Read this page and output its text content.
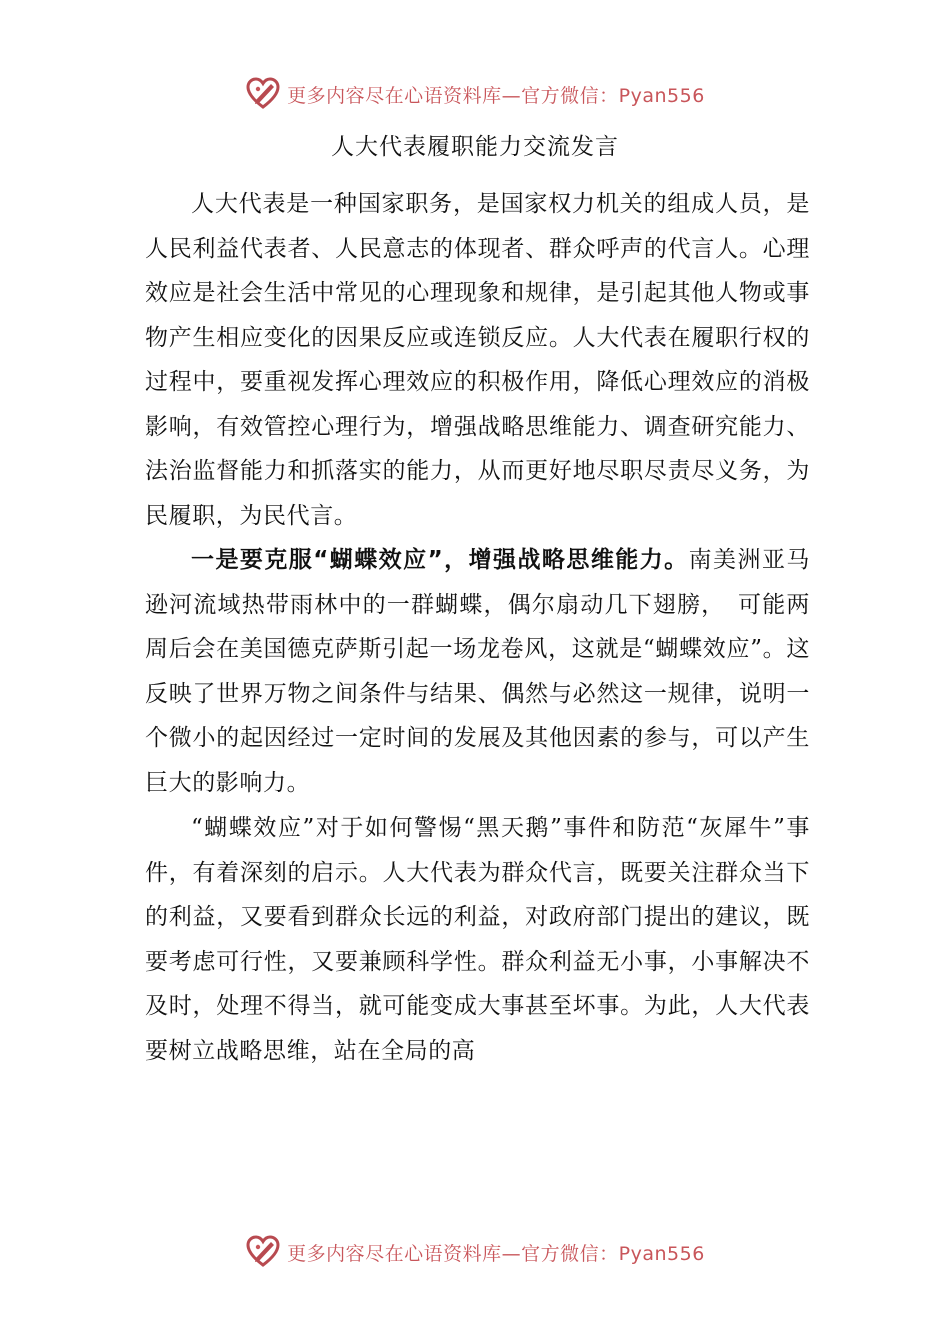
更多内容尽在心语资料库—官方微信：Pyan556
人大代表履职能力交流发言

人大代表是一种国家职务，是国家权力机关的组成人员，是人民利益代表者、人民意志的体现者、群众呼声的代言人。心理效应是社会生活中常见的心理现象和规律，是引起其他人物或事物产生相应变化的因果反应或连锁反应。人大代表在履职行权的过程中，要重视发挥心理效应的积极作用，降低心理效应的消极影响，有效管控心理行为，增强战略思维能力、调查研究能力、法治监督能力和抓落实的能力，从而更好地尽职尽责尽义务，为民履职，为民代言。

一是要克服“蝴蝶效应”，增强战略思维能力。南美洲亚马逊河流域热带雨林中的一群蝴蝶，偶尔扇动几下翅膀，　可能两周后会在美国德克萨斯引起一场龙卷风，这就是“蝴蝶效应”。这反映了世界万物之间条件与结果、偶然与必然这一规律，说明一个微小的起因经过一定时间的发展及其他因素的参与，可以产生巨大的影响力。

“蝴蝶效应”对于如何警惕“黑天鹅”事件和防范“灰犀牛”事件，有着深刻的启示。人大代表为群众代言，既要关注群众当下的利益，又要看到群众长远的利益，对政府部门提出的建议，既要考虑可行性，又要兼顾科学性。群众利益无小事，小事解决不及时，处理不得当，就可能变成大事甚至坏事。为此，人大代表要树立战略思维，站在全局的高

更多内容尽在心语资料库—官方微信：Pyan556
